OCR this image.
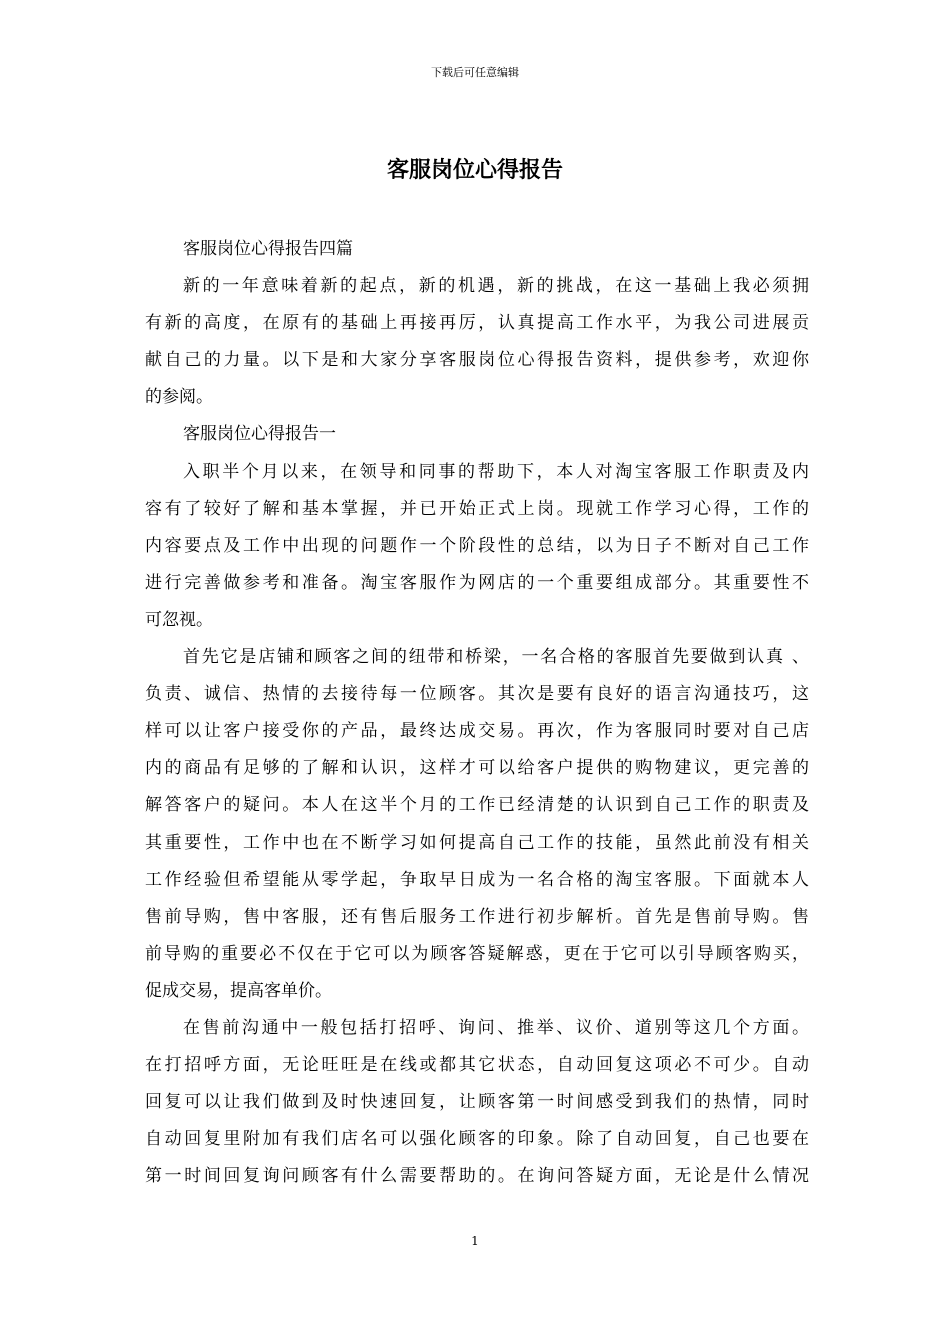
下载后可任意编辑
客服岗位心得报告

客服岗位心得报告四篇

新的一年意味着新的起点，新的机遇，新的挑战，在这一基础上我必须拥
有新的高度，在原有的基础上再接再厉，认真提高工作水平，为我公司进展贡
献自己的力量。以下是和大家分享客服岗位心得报告资料，提供参考，欢迎你
的参阅。

客服岗位心得报告一

入职半个月以来，在领导和同事的帮助下，本人对淘宝客服工作职责及内
容有了较好了解和基本掌握，并已开始正式上岗。现就工作学习心得，工作的
内容要点及工作中出现的问题作一个阶段性的总结，以为日子不断对自己工作
进行完善做参考和准备。淘宝客服作为网店的一个重要组成部分。其重要性不
可忽视。

首先它是店铺和顾客之间的纽带和桥梁，一名合格的客服首先要做到认真 、
负责、诚信、热情的去接待每一位顾客。其次是要有良好的语言沟通技巧，这
样可以让客户接受你的产品，最终达成交易。再次，作为客服同时要对自己店
内的商品有足够的了解和认识，这样才可以给客户提供的购物建议，更完善的
解答客户的疑问。本人在这半个月的工作已经清楚的认识到自己工作的职责及
其重要性，工作中也在不断学习如何提高自己工作的技能，虽然此前没有相关
工作经验但希望能从零学起，争取早日成为一名合格的淘宝客服。下面就本人
售前导购，售中客服，还有售后服务工作进行初步解析。首先是售前导购。售
前导购的重要必不仅在于它可以为顾客答疑解惑，更在于它可以引导顾客购买，
促成交易，提高客单价。

在售前沟通中一般包括打招呼、询问、推举、议价、道别等这几个方面。
在打招呼方面，无论旺旺是在线或都其它状态，自动回复这项必不可少。自动
回复可以让我们做到及时快速回复，让顾客第一时间感受到我们的热情，同时
自动回复里附加有我们店名可以强化顾客的印象。除了自动回复，自己也要在
第一时间回复询问顾客有什么需要帮助的。在询问答疑方面，无论是什么情况

1
